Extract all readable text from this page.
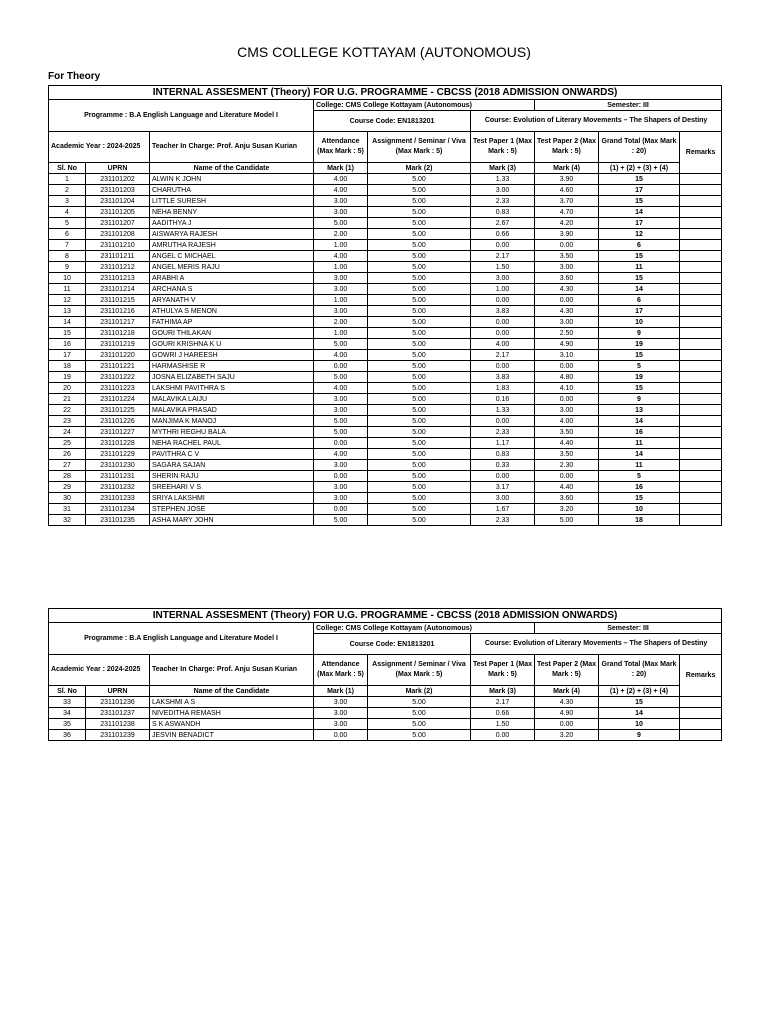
CMS COLLEGE KOTTAYAM (AUTONOMOUS)
For Theory
INTERNAL ASSESMENT (Theory) FOR U.G. PROGRAMME - CBCSS (2018 ADMISSION ONWARDS)								
Programme : B.A English Language and Literature Model I			College: CMS College Kottayam (Autonomous)			Semester: III		
			Course Code: EN1813201		Course: Evolution of Literary Movements – The Shapers of Destiny			
Academic Year : 2024-2025		Teacher In Charge: Prof. Anju Susan Kurian	Attendance (Max Mark : 5)	Assignment / Seminar / Viva (Max Mark : 5)	Test Paper 1 (Max Mark : 5)	Test Paper 2 (Max Mark : 5)	Grand Total (Max Mark : 20)	Remarks
Sl. No	UPRN	Name of the Candidate	Mark (1)	Mark (2)	Mark (3)	Mark (4)	(1) + (2) + (3) + (4)	
1	231101202	ALWIN K JOHN	4.00	5.00	1.33	3.90	15	
2	231101203	CHARUTHA	4.00	5.00	3.00	4.60	17	
3	231101204	LITTLE SURESH	3.00	5.00	2.33	3.70	15	
4	231101205	NEHA BENNY	3.00	5.00	0.83	4.70	14	
5	231101207	AADITHYA J	5.00	5.00	2.67	4.20	17	
6	231101208	AISWARYA RAJESH	2.00	5.00	0.66	3.90	12	
7	231101210	AMRUTHA RAJESH	1.00	5.00	0.00	0.00	6	
8	231101211	ANGEL C MICHAEL	4.00	5.00	2.17	3.50	15	
9	231101212	ANGEL MERIS RAJU	1.00	5.00	1.50	3.00	11	
10	231101213	ARABHI A	3.00	5.00	3.00	3.60	15	
11	231101214	ARCHANA S	3.00	5.00	1.00	4.30	14	
12	231101215	ARYANATH V	1.00	5.00	0.00	0.00	6	
13	231101216	ATHULYA S MENON	3.00	5.00	3.83	4.30	17	
14	231101217	FATHIMA AP	2.00	5.00	0.00	3.00	10	
15	231101218	GOURI THILAKAN	1.00	5.00	0.00	2.50	9	
16	231101219	GOURI KRISHNA K U	5.00	5.00	4.00	4.90	19	
17	231101220	GOWRI J HAREESH	4.00	5.00	2.17	3.10	15	
18	231101221	HARMASHISE R	0.00	5.00	0.00	0.00	5	
19	231101222	JOSNA ELIZABETH SAJU	5.00	5.00	3.83	4.80	19	
20	231101223	LAKSHMI PAVITHRA S	4.00	5.00	1.83	4.10	15	
21	231101224	MALAVIKA LAIJU	3.00	5.00	0.16	0.00	9	
22	231101225	MALAVIKA PRASAD	3.00	5.00	1.33	3.00	13	
23	231101226	MANJIMA K MANOJ	5.00	5.00	0.00	4.00	14	
24	231101227	MYTHRI REGHU BALA	5.00	5.00	2.33	3.50	16	
25	231101228	NEHA RACHEL PAUL	0.00	5.00	1.17	4.40	11	
26	231101229	PAVITHRA C V	4.00	5.00	0.83	3.50	14	
27	231101230	SAGARA SAJAN	3.00	5.00	0.33	2.30	11	
28	231101231	SHERIN RAJU	0.00	5.00	0.00	0.00	5	
29	231101232	SREEHARI V S	3.00	5.00	3.17	4.40	16	
30	231101233	SRIYA LAKSHMI	3.00	5.00	3.00	3.60	15	
31	231101234	STEPHEN JOSE	0.00	5.00	1.67	3.20	10	
32	231101235	ASHA MARY JOHN	5.00	5.00	2.33	5.00	18	
INTERNAL ASSESMENT (Theory) FOR U.G. PROGRAMME - CBCSS (2018 ADMISSION ONWARDS)								
Programme : B.A English Language and Literature Model I			College: CMS College Kottayam (Autonomous)			Semester: III		
			Course Code: EN1813201		Course: Evolution of Literary Movements – The Shapers of Destiny			
Academic Year : 2024-2025		Teacher In Charge: Prof. Anju Susan Kurian	Attendance (Max Mark : 5)	Assignment / Seminar / Viva (Max Mark : 5)	Test Paper 1 (Max Mark : 5)	Test Paper 2 (Max Mark : 5)	Grand Total (Max Mark : 20)	Remarks
Sl. No	UPRN	Name of the Candidate	Mark (1)	Mark (2)	Mark (3)	Mark (4)	(1) + (2) + (3) + (4)	
33	231101236	LAKSHMI A S	3.00	5.00	2.17	4.30	15	
34	231101237	NIVEDITHA REMASH	3.00	5.00	0.66	4.90	14	
35	231101238	S K ASWANDH	3.00	5.00	1.50	0.00	10	
36	231101239	JESVIN BENADICT	0.00	5.00	0.00	3.20	9	
